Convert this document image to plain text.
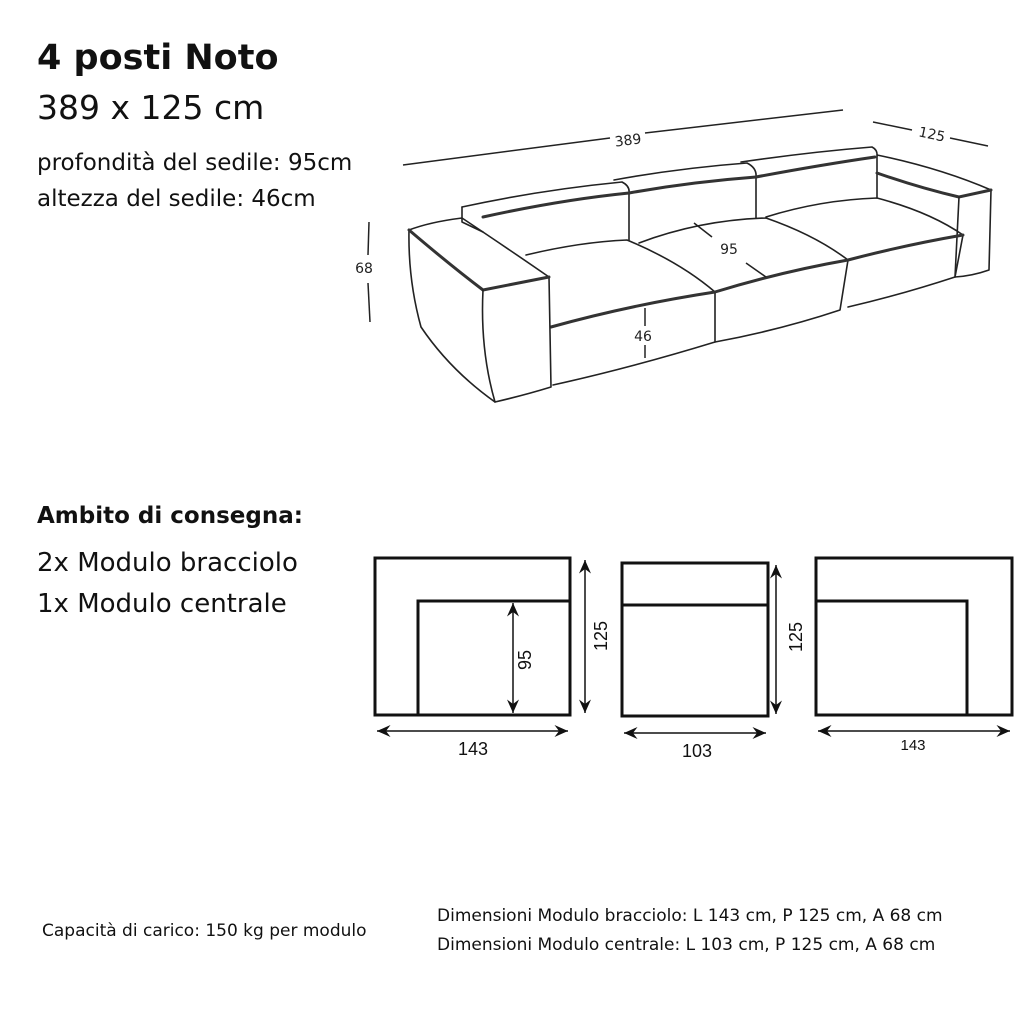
4 posti Noto
389 x 125 cm
profondità del sedile: 95cm
altezza del sedile: 46cm
389	125
68
95
46
95
125
143
125
103	143
Ambito di consegna:
2x Modulo bracciolo
1x Modulo centrale
Capacità di carico: 150 kg per modulo
Dimensioni Modulo bracciolo: L 143 cm, P 125 cm, A 68 cm
Dimensioni Modulo centrale: L 103 cm, P 125 cm, A 68 cm
